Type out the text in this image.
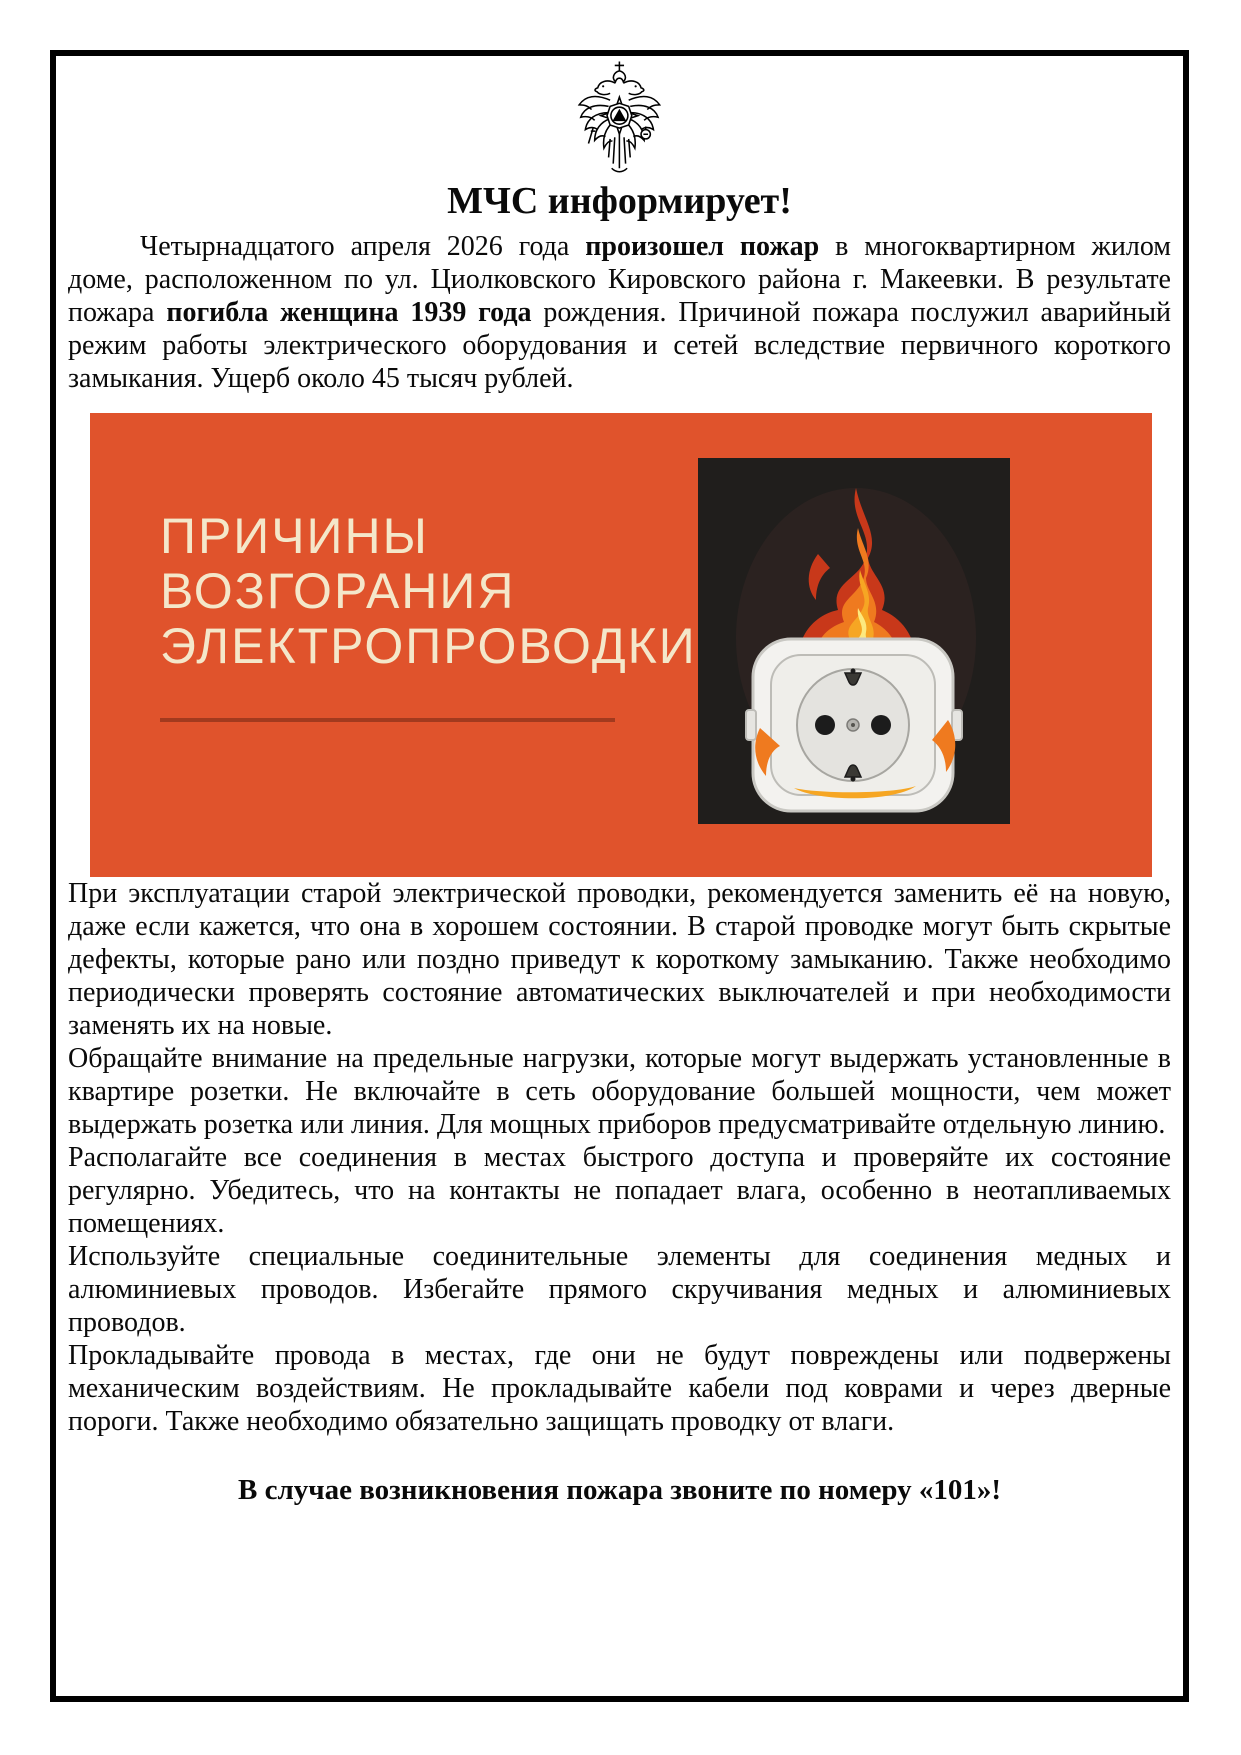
МЧС информирует!

Четырнадцатого апреля 2026 года произошел пожар в многоквартирном жилом доме, расположенном по ул. Циолковского Кировского района г. Макеевки. В результате пожара погибла женщина 1939 года рождения. Причиной пожара послужил аварийный режим работы электрического оборудования и сетей вследствие первичного короткого замыкания. Ущерб около 45 тысяч рублей.

ПРИЧИНЫ
ВОЗГОРАНИЯ
ЭЛЕКТРОПРОВОДКИ

При эксплуатации старой электрической проводки, рекомендуется заменить её на новую, даже если кажется, что она в хорошем состоянии. В старой проводке могут быть скрытые дефекты, которые рано или поздно приведут к короткому замыканию. Также необходимо периодически проверять состояние автоматических выключателей и при необходимости заменять их на новые.

Обращайте внимание на предельные нагрузки, которые могут выдержать установленные в квартире розетки. Не включайте в сеть оборудование большей мощности, чем может выдержать розетка или линия. Для мощных приборов предусматривайте отдельную линию.

Располагайте все соединения в местах быстрого доступа и проверяйте их состояние регулярно. Убедитесь, что на контакты не попадает влага, особенно в неотапливаемых помещениях.

Используйте специальные соединительные элементы для соединения медных и алюминиевых проводов. Избегайте прямого скручивания медных и алюминиевых проводов.

Прокладывайте провода в местах, где они не будут повреждены или подвержены механическим воздействиям. Не прокладывайте кабели под коврами и через дверные пороги. Также необходимо обязательно защищать проводку от влаги.

В случае возникновения пожара звоните по номеру «101»!
